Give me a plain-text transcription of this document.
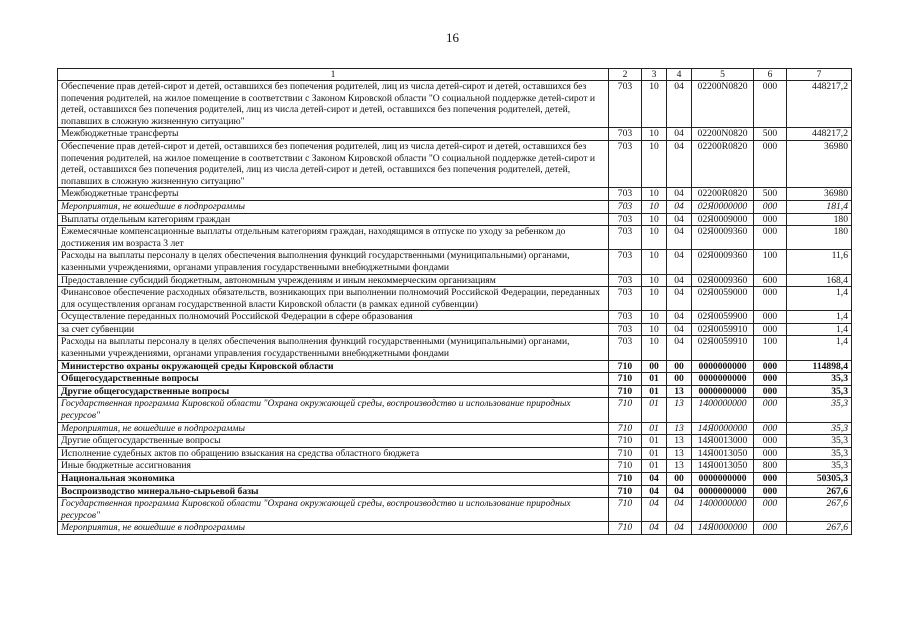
16
1	2	3	4	5	6	7
Обеспечение прав детей-сирот и детей, оставшихся без попечения родителей, лиц из числа детей-сирот и детей, оставшихся без попечения родителей, на жилое помещение в соответствии с Законом Кировской области "О социальной поддержке детей-сирот и детей, оставшихся без попечения родителей, лиц из числа детей-сирот и детей, оставшихся без попечения родителей, детей, попавших в сложную жизненную ситуацию"	703	10	04	02200N0820	000	448217,2
Межбюджетные трансферты	703	10	04	02200N0820	500	448217,2
Обеспечение прав детей-сирот и детей, оставшихся без попечения родителей, лиц из числа детей-сирот и детей, оставшихся без попечения родителей, на жилое помещение в соответствии с Законом Кировской области "О социальной поддержке детей-сирот и детей, оставшихся без попечения родителей, лиц из числа детей-сирот и детей, оставшихся без попечения родителей, детей, попавших в сложную жизненную ситуацию"	703	10	04	02200R0820	000	36980
Межбюджетные трансферты	703	10	04	02200R0820	500	36980
Мероприятия, не вошедшие в подпрограммы	703	10	04	02Я0000000	000	181,4
Выплаты отдельным категориям граждан	703	10	04	02Я0009000	000	180
Ежемесячные компенсационные выплаты отдельным категориям граждан, находящимся в отпуске по уходу за ребенком до достижения им возраста 3 лет	703	10	04	02Я0009360	000	180
Расходы на выплаты персоналу в целях обеспечения выполнения функций государственными (муниципальными) органами, казенными учреждениями, органами управления государственными внебюджетными фондами	703	10	04	02Я0009360	100	11,6
Предоставление субсидий бюджетным, автономным учреждениям и иным некоммерческим организациям	703	10	04	02Я0009360	600	168,4
Финансовое обеспечение расходных обязательств, возникающих при выполнении полномочий Российской Федерации, переданных для осуществления органам государственной власти Кировской области (в рамках единой субвенции)	703	10	04	02Я0059000	000	1,4
Осуществление переданных полномочий Российской Федерации в сфере образования	703	10	04	02Я0059900	000	1,4
за счет субвенции	703	10	04	02Я0059910	000	1,4
Расходы на выплаты персоналу в целях обеспечения выполнения функций государственными (муниципальными) органами, казенными учреждениями, органами управления государственными внебюджетными фондами	703	10	04	02Я0059910	100	1,4
Министерство охраны окружающей среды Кировской области	710	00	00	0000000000	000	114898,4
Общегосударственные вопросы	710	01	00	0000000000	000	35,3
Другие общегосударственные вопросы	710	01	13	0000000000	000	35,3
Государственная программа Кировской области "Охрана окружающей среды, воспроизводство и использование природных ресурсов"	710	01	13	1400000000	000	35,3
Мероприятия, не вошедшие в подпрограммы	710	01	13	14Я0000000	000	35,3
Другие общегосударственные вопросы	710	01	13	14Я0013000	000	35,3
Исполнение судебных актов по обращению взыскания на средства областного бюджета	710	01	13	14Я0013050	000	35,3
Иные бюджетные ассигнования	710	01	13	14Я0013050	800	35,3
Национальная экономика	710	04	00	0000000000	000	50305,3
Воспроизводство минерально-сырьевой базы	710	04	04	0000000000	000	267,6
Государственная программа Кировской области "Охрана окружающей среды, воспроизводство и использование природных ресурсов"	710	04	04	1400000000	000	267,6
Мероприятия, не вошедшие в подпрограммы	710	04	04	14Я0000000	000	267,6
